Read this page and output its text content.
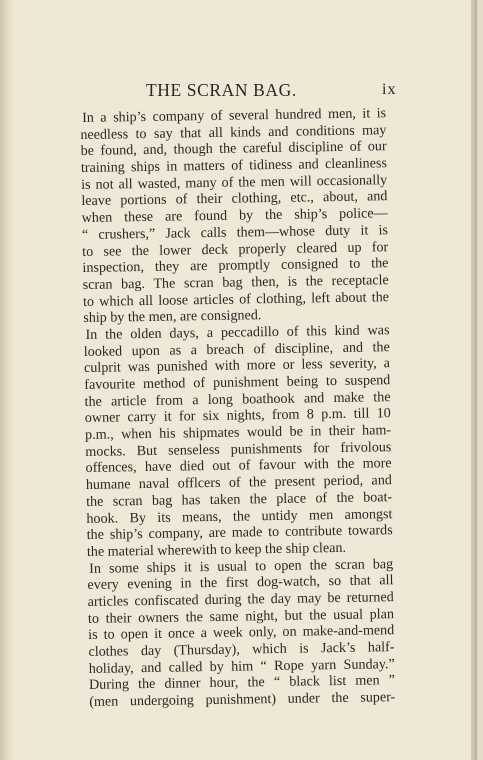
THE SCRAN BAG.	ix
In a ship’s company of several hundred men, it is
needless to say that all kinds and conditions may
be found, and, though the careful discipline of our
training ships in matters of tidiness and cleanliness
is not all wasted, many of the men will occasionally
leave portions of their clothing, etc., about, and
when these are found by the ship’s police—
“ crushers,” Jack calls them—whose duty it is
to see the lower deck properly cleared up for
inspection, they are promptly consigned to the
scran bag. The scran bag then, is the receptacle
to which all loose articles of clothing, left about the
ship by the men, are consigned.
In the olden days, a peccadillo of this kind was
looked upon as a breach of discipline, and the
culprit was punished with more or less severity, a
favourite method of punishment being to suspend
the article from a long boathook and make the
owner carry it for six nights, from 8 p.m. till 10
p.m., when his shipmates would be in their ham-
mocks. But senseless punishments for frivolous
offences, have died out of favour with the more
humane naval offlcers of the present period, and
the scran bag has taken the place of the boat-
hook. By its means, the untidy men amongst
the ship’s company, are made to contribute towards
the material wherewith to keep the ship clean.
In some ships it is usual to open the scran bag
every evening in the first dog-watch, so that all
articles confiscated during the day may be returned
to their owners the same night, but the usual plan
is to open it once a week only, on make-and-mend
clothes day (Thursday), which is Jack’s half-
holiday, and called by him “ Rope yarn Sunday.”
During the dinner hour, the “ black list men ”
(men undergoing punishment) under the super-
